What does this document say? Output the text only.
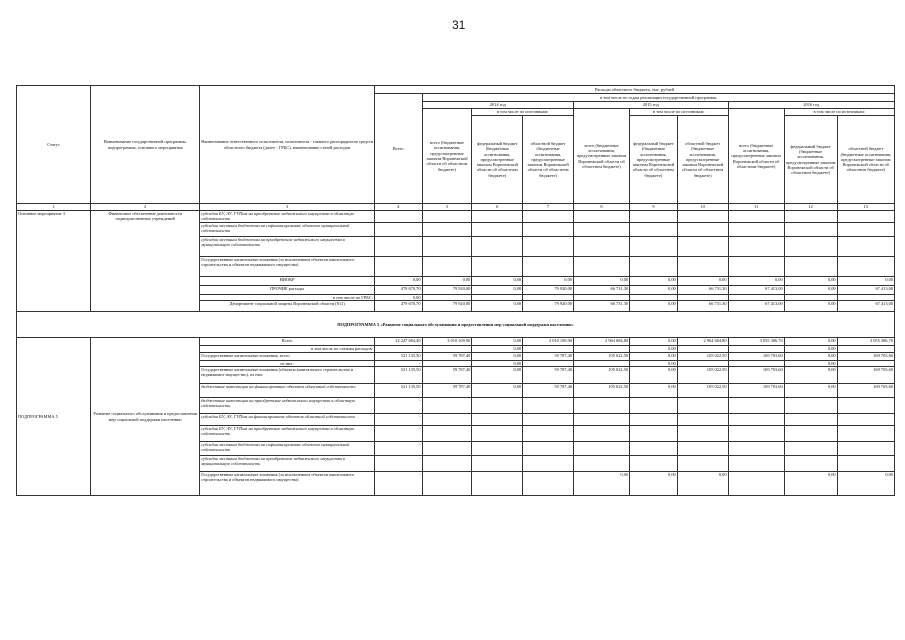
31
Статус	Наименование государственной программы, подпрограммы, основного мероприятия	Наименование ответственного исполнителя, исполнителя - главного распорядителя средств областного бюджета (далее - ГРБС), наименование статей расходов	Расходы областного бюджета, тыс. рублей									
			Всего	в том числе по годам реализации государственной программы								
				2014 год			2015 год			2016 год		
				всего (бюджетные ассигнования, предусмотренные законом Воронежской области об областном бюджете)	в том числе по источникам:		всего (бюджетные ассигнования, предусмотренные законом Воронежской области об областном бюджете)	в том числе по источникам:		всего (бюджетные ассигнования, предусмотренные законом Воронежской области об областном бюджете)	в том числе по источникам:	
					федеральный бюджет (бюджетные ассигнования, предусмотренные законом Воронежской области об областном бюджете)	областной бюджет (бюджетные ассигнования, предусмотренные законом Воронежской области об областном бюджете)		федеральный бюджет (бюджетные ассигнования, предусмотренные законом Воронежской области об областном бюджете)	областной бюджет (бюджетные ассигнования, предусмотренные законом Воронежской области об областном бюджете)		федеральный бюджет (бюджетные ассигнования, предусмотренные законом Воронежской области об областном бюджете)	областной бюджет (бюджетные ассигнования, предусмотренные законом Воронежской области об областном бюджете)
1	2	3	4	5	6	7	8	9	10	11	12	13
Основное мероприятие 3	Финансовое обеспечение деятельности подведомственных учреждений	субсидии БУ, АУ, ГУПам на приобретение недвижимого имущества в областную собственность										
		субсидии местным бюджетам на софинансирование объектов муниципальной собственности										
		субсидии местным бюджетам на приобретение недвижимого имущества в муниципальную собственность										
		Государственные капитальные вложения (за исключением объектов капитального строительства и объектов недвижимого имущества)										
		НИОКР	0,00	0,00	0,00	0,00	0,00	0,00	0,00	0,00	0,00	0,00
		ПРОЧИЕ расходы	479 670,70	79 920,00	0,00	79 920,00	66 731,30	0,00	66 731,30	67 413,00	0,00	67 413,00
		в том числе по ГРБС:	0,00									
		Департамент социальной защиты Воронежской области (811)	479 670,70	79 920,00	0,00	79 920,00	66 731,30	0,00	66 731,30	67 413,00	0,00	67 413,00
ПОДПРОГРАММА 5 «Развитие социального обслуживания и предоставления мер социальной поддержки населению»												
ПОДПРОГРАММА 5	Развитие социального обслуживания и предоставления мер социальной поддержки населению	Всего	22 247 684,40	3 010 109,90	0,00	3 010 109,90	2 964 684,80	0,00	2 964 684,80	3 055 386,70	0,00	3 055 386,70
		в том числе по статьям расходов:			0,00			0,00			0,00	
		Государственные капитальные вложения, всего	521 135,50	59 787,40	0,00	59 787,40	105 022,50	0,00	105 022,50	169 703,60	0,00	169 703,60
		из них:	-		0,00			0,00			0,00	
		Государственные капитальные вложения (объекты капитального строительства и недвижимое имущество), из них:	521 135,50	59 787,40	0,00	59 787,40	105 022,50	0,00	105 022,50	169 703,60	0,00	169 703,60
		бюджетные инвестиции на финансирование объектов областной собственности	521 135,50	59 787,40	0,00	59 787,40	105 022,50	0,00	105 022,50	169 703,60	0,00	169 703,60
		бюджетные инвестиции на приобретение недвижимого имущества в областную собственность	-									
		субсидии БУ, АУ, ГУПам на финансирование объектов областной собственности	-									
		субсидии БУ, АУ, ГУПам на приобретение недвижимого имущества в областную собственность	-									
		субсидии местным бюджетам на софинансирование объектов муниципальной собственности	-									
		субсидии местным бюджетам на приобретение недвижимого имущества в муниципальную собственность	-									
		Государственные капитальные вложения (за исключением объектов капитального строительства и объектов недвижимого имущества)	-				0,00	0,00	0,00		0,00	0,00
